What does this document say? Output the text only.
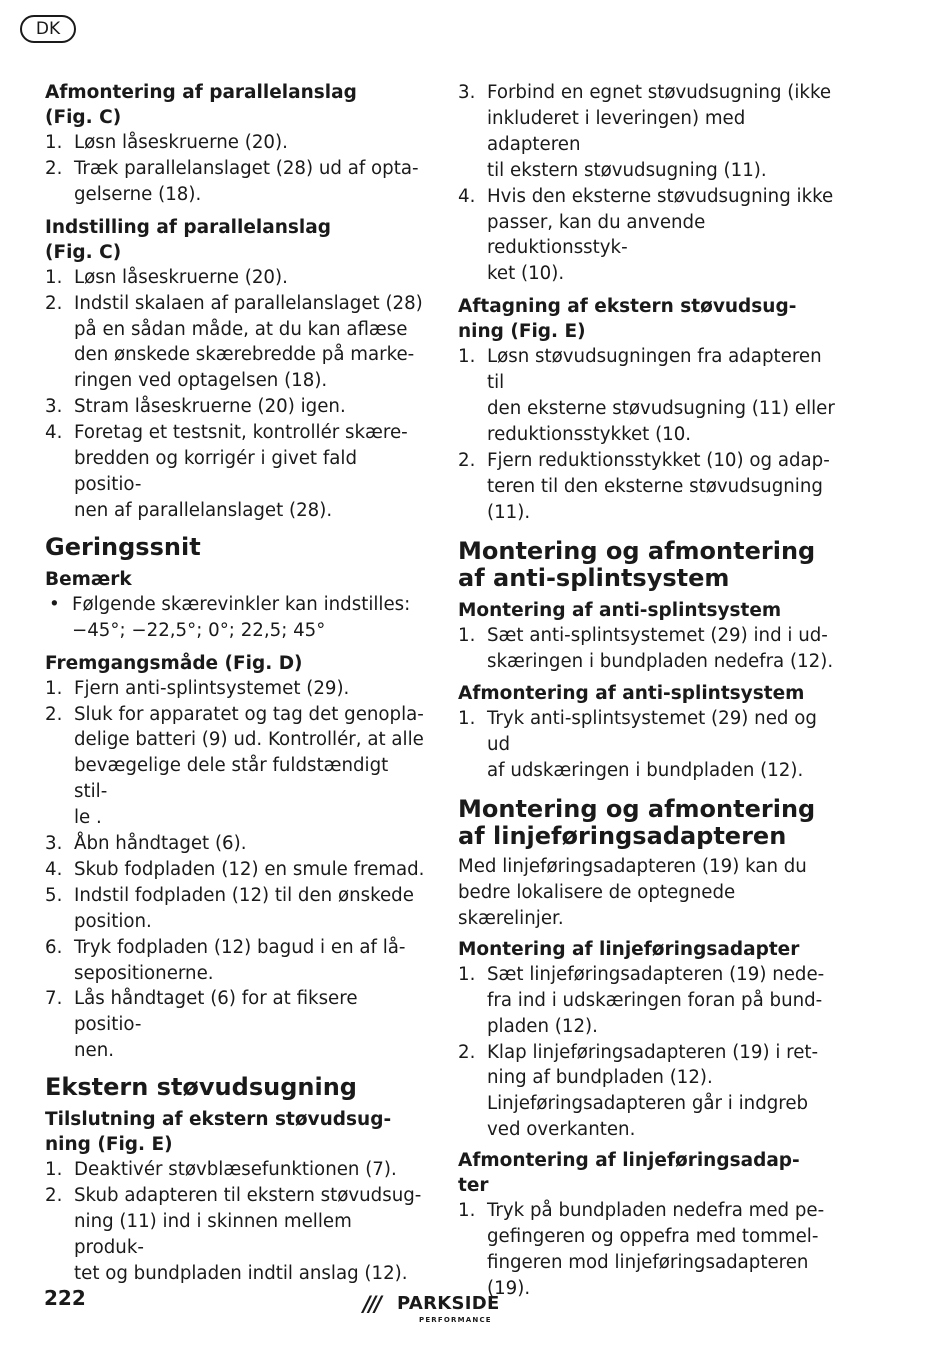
DK

Afmontering af parallelanslag
(Fig. C)

1. Løsn låseskruerne (20).

2. Træk parallelanslaget (28) ud af opta-
gelserne (18).

Indstilling af parallelanslag
(Fig. C)

1. Løsn låseskruerne (20).

2. Indstil skalaen af parallelanslaget (28)
på en sådan måde, at du kan aflæse
den ønskede skærebredde på marke-
ringen ved optagelsen (18).

3. Stram låseskruerne (20) igen.

4. Foretag et testsnit, kontrollér skære-
bredden og korrigér i givet fald positio-
nen af parallelanslaget (28).

Geringssnit

Bemærk

• Følgende skærevinkler kan indstilles:
−45°; −22,5°; 0°; 22,5; 45°

Fremgangsmåde (Fig. D)

1. Fjern anti-splintsystemet (29).

2. Sluk for apparatet og tag det genopla-
delige batteri (9) ud. Kontrollér, at alle
bevægelige dele står fuldstændigt stil-
le .

3. Åbn håndtaget (6).

4. Skub fodpladen (12) en smule fremad.

5. Indstil fodpladen (12) til den ønskede
position.

6. Tryk fodpladen (12) bagud i en af lå-
sepositionerne.

7. Lås håndtaget (6) for at fiksere positio-
nen.

Ekstern støvudsugning

Tilslutning af ekstern støvudsug-
ning (Fig. E)

1. Deaktivér støvblæsefunktionen (7).

2. Skub adapteren til ekstern støvudsug-
ning (11) ind i skinnen mellem produk-
tet og bundpladen indtil anslag (12).

3. Forbind en egnet støvudsugning (ikke
inkluderet i leveringen) med adapteren
til ekstern støvudsugning (11).

4. Hvis den eksterne støvudsugning ikke
passer, kan du anvende reduktionsstyk-
ket (10).

Aftagning af ekstern støvudsug-
ning (Fig. E)

1. Løsn støvudsugningen fra adapteren til
den eksterne støvudsugning (11) eller
reduktionsstykket (10.

2. Fjern reduktionsstykket (10) og adap-
teren til den eksterne støvudsugning
(11).

Montering og afmontering
af anti-splintsystem

Montering af anti-splintsystem

1. Sæt anti-splintsystemet (29) ind i ud-
skæringen i bundpladen nedefra (12).

Afmontering af anti-splintsystem

1. Tryk anti-splintsystemet (29) ned og ud
af udskæringen i bundpladen (12).

Montering og afmontering
af linjeføringsadapteren

Med linjeføringsadapteren (19) kan du
bedre lokalisere de optegnede skærelinjer.

Montering af linjeføringsadapter

1. Sæt linjeføringsadapteren (19) nede-
fra ind i udskæringen foran på bund-
pladen (12).

2. Klap linjeføringsadapteren (19) i ret-
ning af bundpladen (12).

Linjeføringsadapteren går i indgreb
ved overkanten.

Afmontering af linjeføringsadap-
ter

1. Tryk på bundpladen nedefra med pe-
gefingeren og oppefra med tommel-
fingeren mod linjeføringsadapteren
(19).

222	/// PARKSIDE
PERFORMANCE
